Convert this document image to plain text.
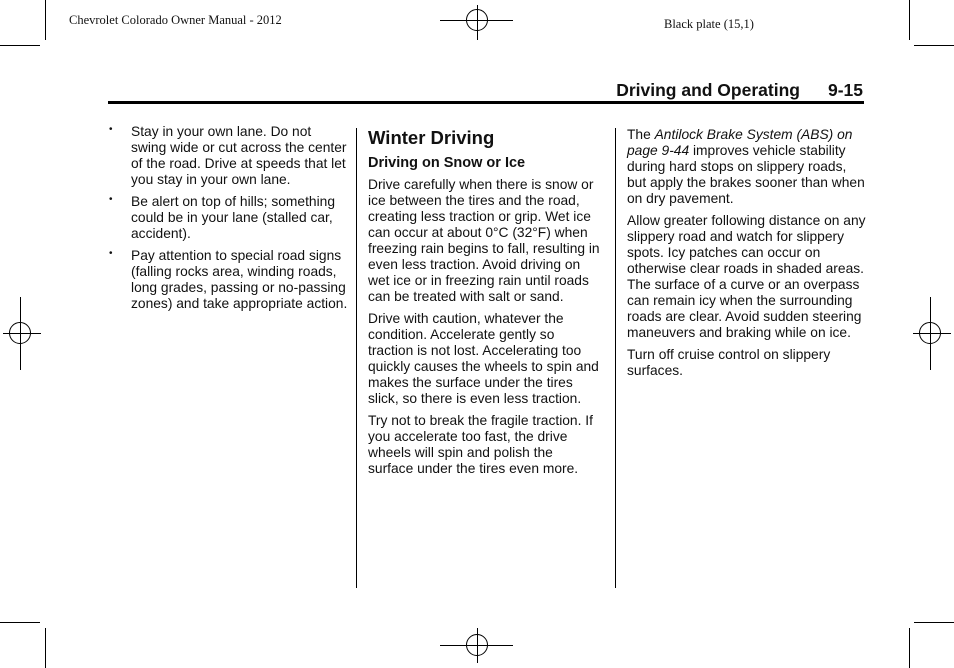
Chevrolet Colorado Owner Manual - 2012	Black plate (15,1)
Driving and Operating 9-15
• Stay in your own lane. Do not swing wide or cut across the center of the road. Drive at speeds that let you stay in your own lane.
• Be alert on top of hills; something could be in your lane (stalled car, accident).
• Pay attention to special road signs (falling rocks area, winding roads, long grades, passing or no-passing zones) and take appropriate action.
Winter Driving
Driving on Snow or Ice

Drive carefully when there is snow or ice between the tires and the road, creating less traction or grip. Wet ice can occur at about 0°C (32°F) when freezing rain begins to fall, resulting in even less traction. Avoid driving on wet ice or in freezing rain until roads can be treated with salt or sand.

Drive with caution, whatever the condition. Accelerate gently so traction is not lost. Accelerating too quickly causes the wheels to spin and makes the surface under the tires slick, so there is even less traction.

Try not to break the fragile traction. If you accelerate too fast, the drive wheels will spin and polish the surface under the tires even more.

The Antilock Brake System (ABS) on page 9-44 improves vehicle stability during hard stops on slippery roads, but apply the brakes sooner than when on dry pavement.

Allow greater following distance on any slippery road and watch for slippery spots. Icy patches can occur on otherwise clear roads in shaded areas. The surface of a curve or an overpass can remain icy when the surrounding roads are clear. Avoid sudden steering maneuvers and braking while on ice.

Turn off cruise control on slippery surfaces.
